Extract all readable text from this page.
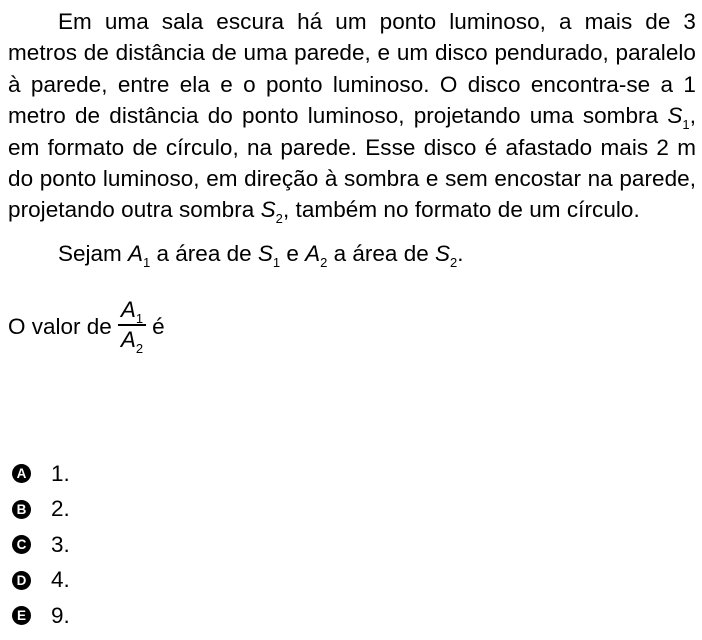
Em uma sala escura há um ponto luminoso, a mais de 3 metros de distância de uma parede, e um disco pendurado, paralelo à parede, entre ela e o ponto luminoso. O disco encontra-se a 1 metro de distância do ponto luminoso, projetando uma sombra $S_1$, em formato de círculo, na parede. Esse disco é afastado mais 2 m do ponto luminoso, em direção à sombra e sem encostar na parede, projetando outra sombra $S_2$, também no formato de um círculo.

Sejam $A_1$ a área de $S_1$ e $A_2$ a área de $S_2$.

O valor de $\frac{A_1}{A_2}$ é
A 1.
B 2.
C 3.
D 4.
E 9.
